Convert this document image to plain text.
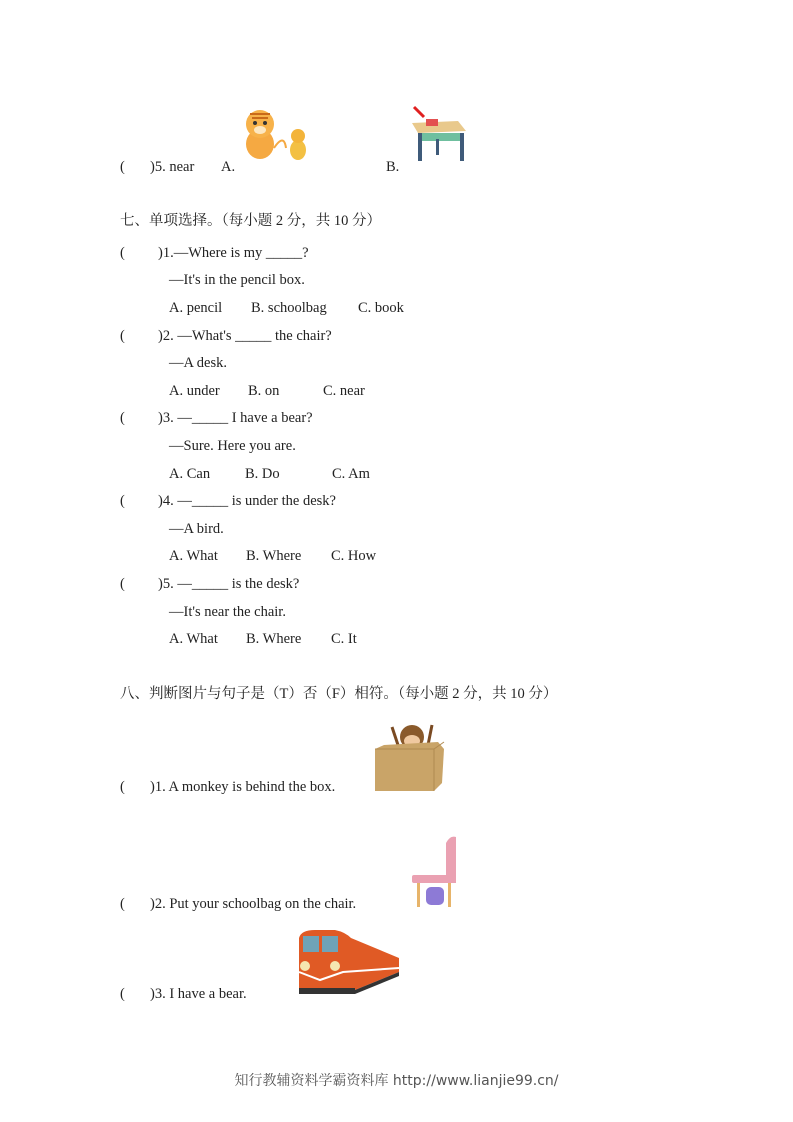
( )5. near A.	B.
七、单项选择。（每小题 2 分，共 10 分）
( )1.—Where is my _____?
—It's in the pencil box.
A. pencil B. schoolbag C. book
( )2. —What's _____ the chair?
—A desk.
A. under B. on	C. near
( )3. —_____ I have a bear?
—Sure. Here you are.
A. Can B. Do	C. Am
( )4. —_____ is under the desk?
—A bird.
A. What B. Where C. How
( )5. —_____ is the desk?
—It's near the chair.
A. What B. Where C. It
八、判断图片与句子是（T）否（F）相符。（每小题 2 分，共 10 分）
( )1. A monkey is behind the box.
( )2. Put your schoolbag on the chair.
( )3. I have a bear.
知行教辅资料学霸资料库 http://www.lianjie99.cn/
